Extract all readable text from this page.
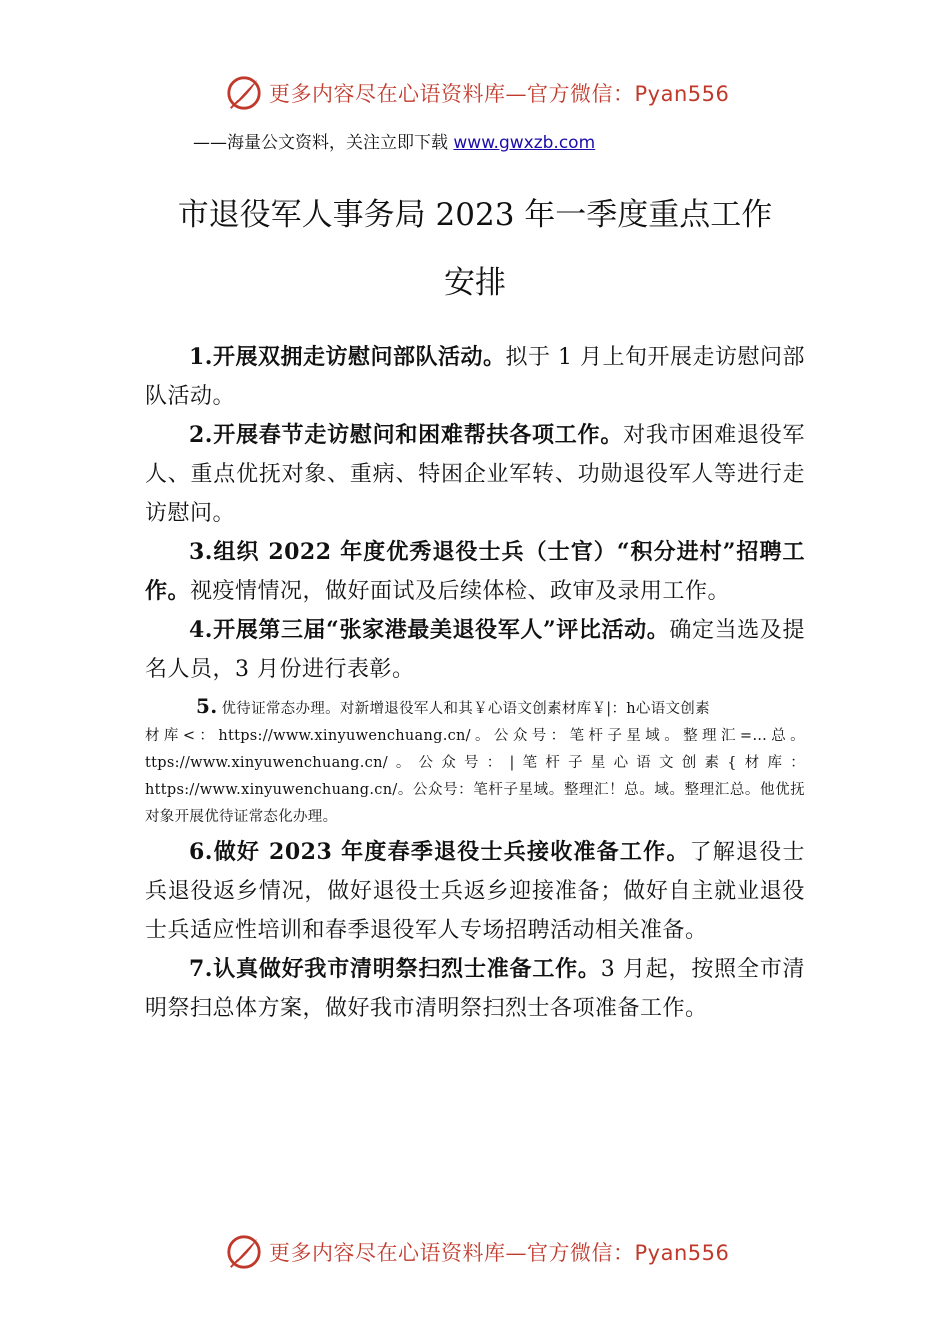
更多内容尽在心语资料库—官方微信：Pyan556
——海量公文资料，关注立即下载 www.gwxzb.com
市退役军人事务局 2023 年一季度重点工作
安排

1.开展双拥走访慰问部队活动。拟于 1 月上旬开展走访慰问部队活动。

2.开展春节走访慰问和困难帮扶各项工作。对我市困难退役军人、重点优抚对象、重病、特困企业军转、功勋退役军人等进行走访慰问。

3.组织 2022 年度优秀退役士兵（士官）“积分进村”招聘工作。视疫情情况，做好面试及后续体检、政审及录用工作。

4.开展第三届“张家港最美退役军人”评比活动。确定当选及提名人员，3 月份进行表彰。

5. 优待证常态办理。对新增退役军人和其￥心语文创素材库￥|：h心语文创素
材库<：https://www.xinyuwenchuang.cn/。公众号：笔杆子星域。整理汇=…总。ttps://www.xinyuwenchuang.cn/。公众号：|笔杆子星心语文创素{材库：https://www.xinyuwenchuang.cn/。公众号：笔杆子星域。整理汇！总。域。整理汇总。他优抚对象开展优待证常态化办理。

6.做好 2023 年度春季退役士兵接收准备工作。了解退役士兵退役返乡情况，做好退役士兵返乡迎接准备；做好自主就业退役士兵适应性培训和春季退役军人专场招聘活动相关准备。

7.认真做好我市清明祭扫烈士准备工作。3 月起，按照全市清明祭扫总体方案，做好我市清明祭扫烈士各项准备工作。

更多内容尽在心语资料库—官方微信：Pyan556
